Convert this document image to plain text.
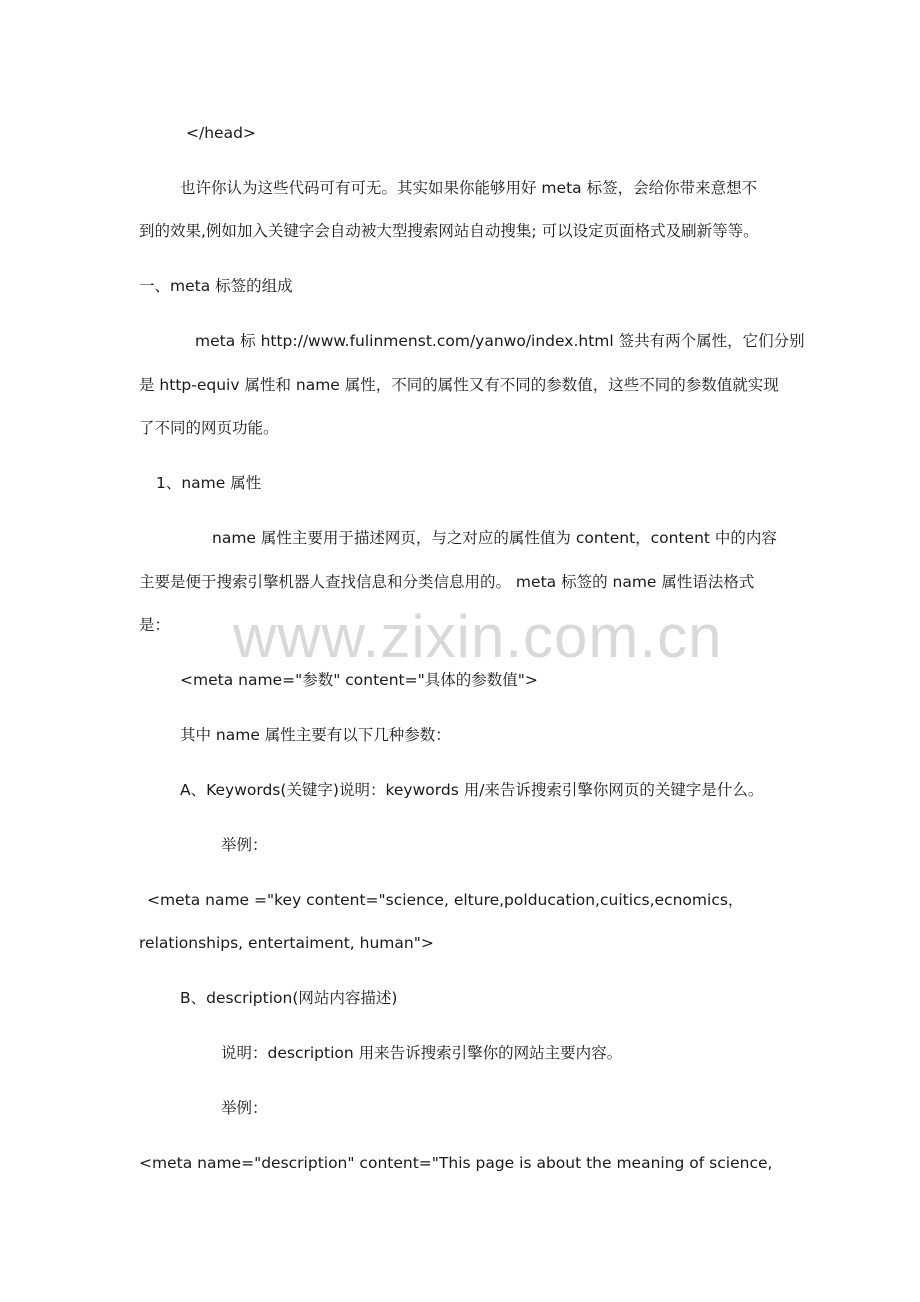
</head>
也许你认为这些代码可有可无。其实如果你能够用好 meta 标签，会给你带来意想不
到的效果,例如加入关键字会自动被大型搜索网站自动搜集; 可以设定页面格式及刷新等等。
一、meta 标签的组成
meta 标 http://www.fulinmenst.com/yanwo/index.html 签共有两个属性，它们分别
是 http-equiv 属性和 name 属性，不同的属性又有不同的参数值，这些不同的参数值就实现
了不同的网页功能。
1、name 属性
name 属性主要用于描述网页，与之对应的属性值为 content，content 中的内容
主要是便于搜索引擎机器人查找信息和分类信息用的。 meta 标签的 name 属性语法格式
是：
<meta name="参数" content="具体的参数值">
其中 name 属性主要有以下几种参数：
A、Keywords(关键字)说明：keywords 用/来告诉搜索引擎你网页的关键字是什么。
举例：
<meta name ="key content="science, elture,polducation,cuitics,ecnomics，
relationships, entertaiment, human">
B、description(网站内容描述)
说明：description 用来告诉搜索引擎你的网站主要内容。
举例：
<meta name="description" content="This page is about the meaning of science,
www.zixin.com.cn
